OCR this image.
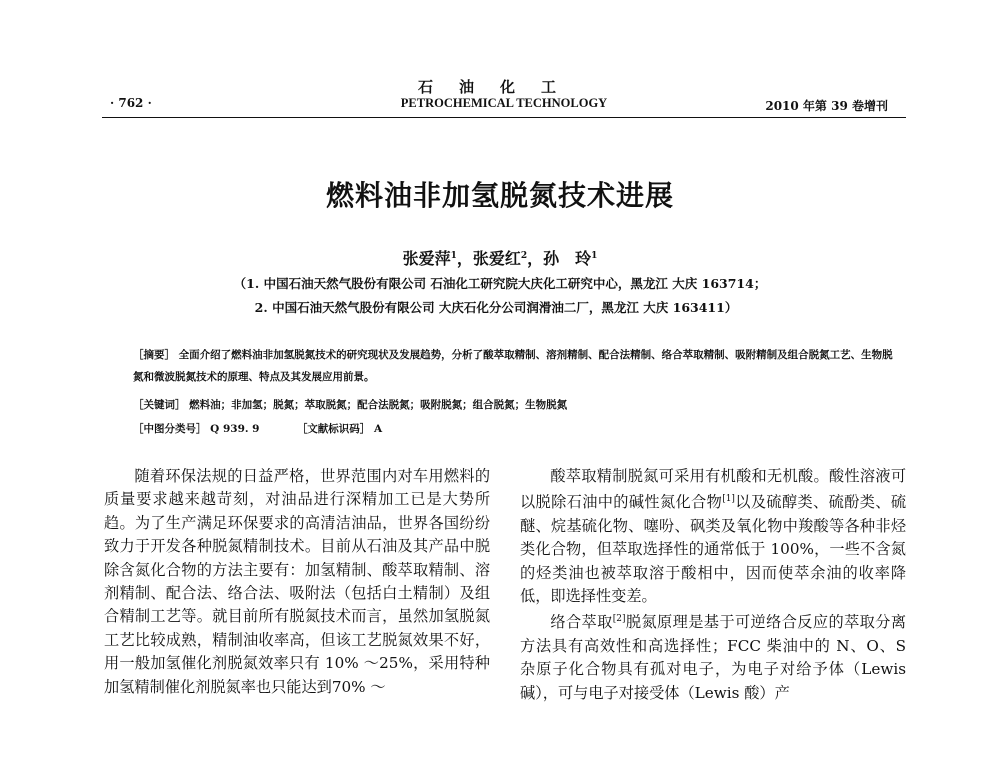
石油化工
· 762 ·	PETROCHEMICAL TECHNOLOGY	2010 年第 39 卷增刊
燃料油非加氢脱氮技术进展
张爱萍$^1$，张爱红$^2$，孙　玲$^1$
（1. 中国石油天然气股份有限公司 石油化工研究院大庆化工研究中心，黑龙江 大庆 163714；
2. 中国石油天然气股份有限公司 大庆石化分公司润滑油二厂，黑龙江 大庆 163411）
［摘要］ 全面介绍了燃料油非加氢脱氮技术的研究现状及发展趋势，分析了酸萃取精制、溶剂精制、配合法精制、络合萃取精制、吸附精制及组合脱氮工艺、生物脱氮和微波脱氮技术的原理、特点及其发展应用前景。
［关键词］ 燃料油；非加氢；脱氮；萃取脱氮；配合法脱氮；吸附脱氮；组合脱氮；生物脱氮
［中图分类号］ Q 939. 9	［文献标识码］ A

随着环保法规的日益严格，世界范围内对车用燃料的质量要求越来越苛刻，对油品进行深精加工已是大势所趋。为了生产满足环保要求的高清洁油品，世界各国纷纷致力于开发各种脱氮精制技术。目前从石油及其产品中脱除含氮化合物的方法主要有：加氢精制、酸萃取精制、溶剂精制、配合法、络合法、吸附法（包括白土精制）及组合精制工艺等。就目前所有脱氮技术而言，虽然加氢脱氮工艺比较成熟，精制油收率高，但该工艺脱氮效果不好，用一般加氢催化剂脱氮效率只有 10% ～25%，采用特种加氢精制催化剂脱氮率也只能达到70% ～

酸萃取精制脱氮可采用有机酸和无机酸。酸性溶液可以脱除石油中的碱性氮化合物[1]以及硫醇类、硫酚类、硫醚、烷基硫化物、噻吩、砜类及氧化物中羧酸等各种非烃类化合物，但萃取选择性的通常低于 100%，一些不含氮的烃类油也被萃取溶于酸相中，因而使萃余油的收率降低，即选择性变差。

络合萃取[2]脱氮原理是基于可逆络合反应的萃取分离方法具有高效性和高选择性；FCC 柴油中的 N、O、S 杂原子化合物具有孤对电子，为电子对给予体（Lewis 碱），可与电子对接受体（Lewis 酸）产
